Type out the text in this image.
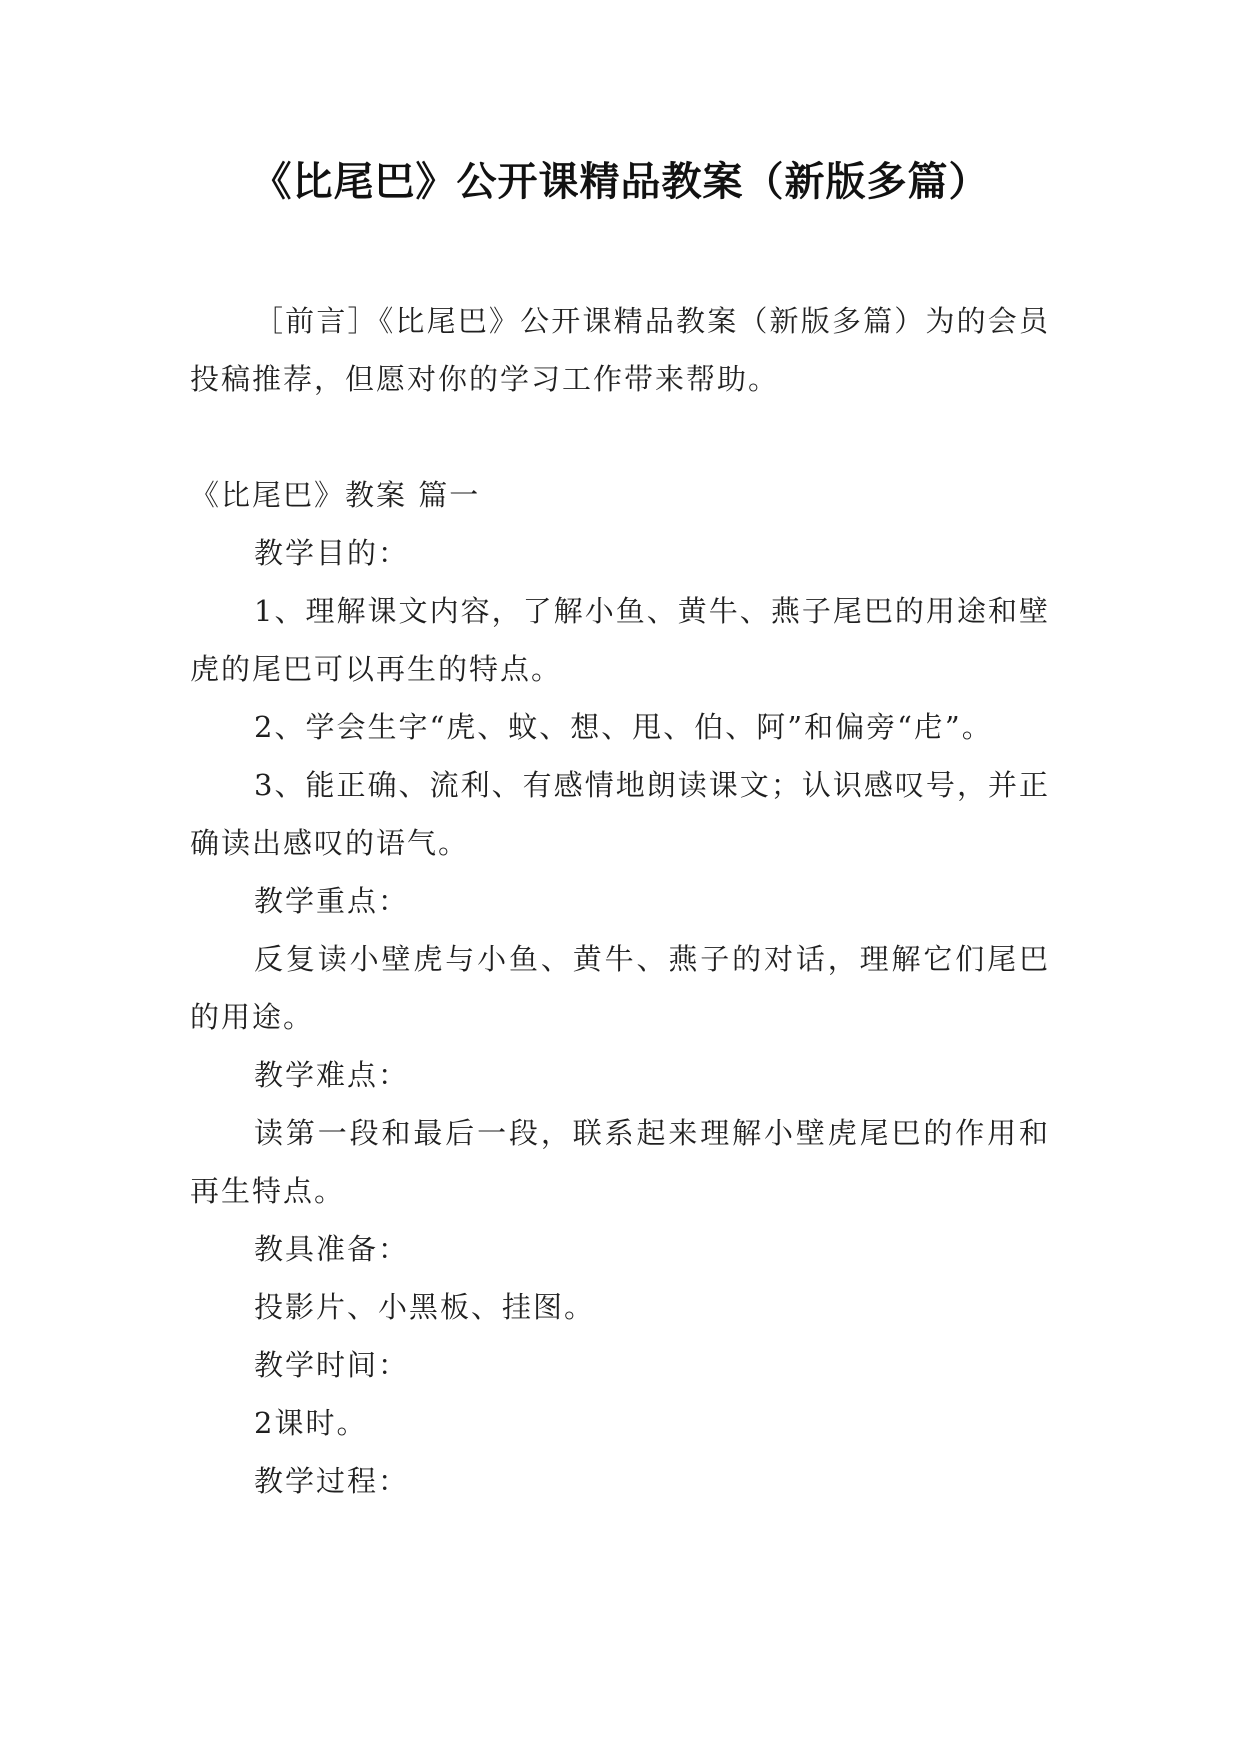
《比尾巴》公开课精品教案（新版多篇）

［前言］《比尾巴》公开课精品教案（新版多篇）为的会员投稿推荐，但愿对你的学习工作带来帮助。

《比尾巴》教案 篇一

教学目的：

1、理解课文内容，了解小鱼、黄牛、燕子尾巴的用途和壁虎的尾巴可以再生的特点。

2、学会生字“虎、蚊、想、甩、伯、阿”和偏旁“虍”。

3、能正确、流利、有感情地朗读课文；认识感叹号，并正确读出感叹的语气。

教学重点：

反复读小壁虎与小鱼、黄牛、燕子的对话，理解它们尾巴的用途。

教学难点：

读第一段和最后一段，联系起来理解小壁虎尾巴的作用和再生特点。

教具准备：

投影片、小黑板、挂图。

教学时间：

2课时。

教学过程：
